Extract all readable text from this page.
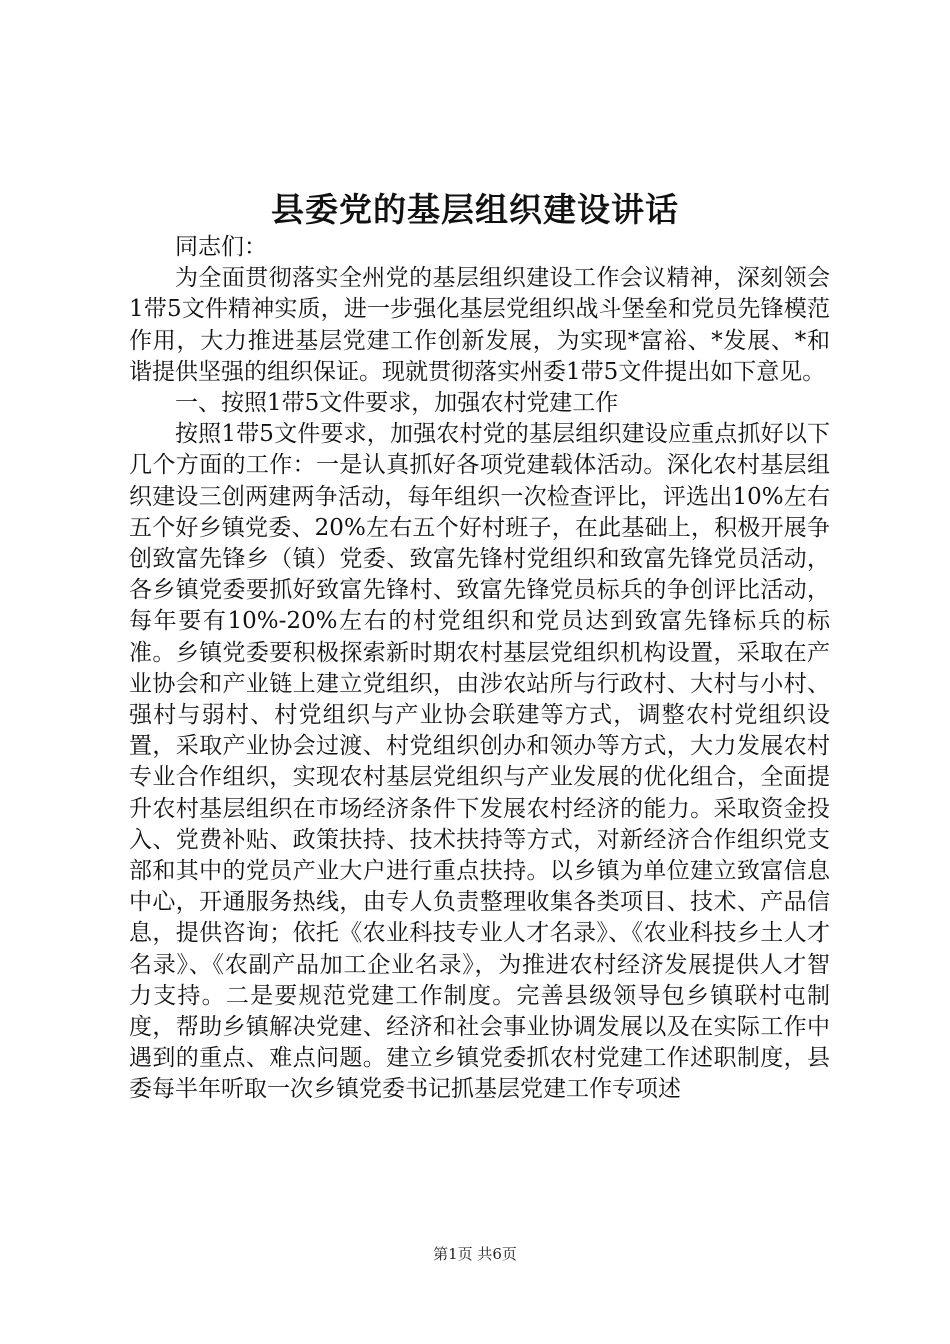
县委党的基层组织建设讲话

同志们：

为全面贯彻落实全州党的基层组织建设工作会议精神，深刻领会1带5文件精神实质，进一步强化基层党组织战斗堡垒和党员先锋模范作用，大力推进基层党建工作创新发展，为实现*富裕、*发展、*和谐提供坚强的组织保证。现就贯彻落实州委1带5文件提出如下意见。

一、按照1带5文件要求，加强农村党建工作

按照1带5文件要求，加强农村党的基层组织建设应重点抓好以下几个方面的工作：一是认真抓好各项党建载体活动。深化农村基层组织建设三创两建两争活动，每年组织一次检查评比，评选出10%左右五个好乡镇党委、20%左右五个好村班子，在此基础上，积极开展争创致富先锋乡（镇）党委、致富先锋村党组织和致富先锋党员活动，各乡镇党委要抓好致富先锋村、致富先锋党员标兵的争创评比活动，每年要有10%-20%左右的村党组织和党员达到致富先锋标兵的标准。乡镇党委要积极探索新时期农村基层党组织机构设置，采取在产业协会和产业链上建立党组织，由涉农站所与行政村、大村与小村、强村与弱村、村党组织与产业协会联建等方式，调整农村党组织设置，采取产业协会过渡、村党组织创办和领办等方式，大力发展农村专业合作组织，实现农村基层党组织与产业发展的优化组合，全面提升农村基层组织在市场经济条件下发展农村经济的能力。采取资金投入、党费补贴、政策扶持、技术扶持等方式，对新经济合作组织党支部和其中的党员产业大户进行重点扶持。以乡镇为单位建立致富信息中心，开通服务热线，由专人负责整理收集各类项目、技术、产品信息，提供咨询；依托《农业科技专业人才名录》、《农业科技乡土人才名录》、《农副产品加工企业名录》，为推进农村经济发展提供人才智力支持。二是要规范党建工作制度。完善县级领导包乡镇联村屯制度，帮助乡镇解决党建、经济和社会事业协调发展以及在实际工作中遇到的重点、难点问题。建立乡镇党委抓农村党建工作述职制度，县委每半年听取一次乡镇党委书记抓基层党建工作专项述

第1页 共6页
